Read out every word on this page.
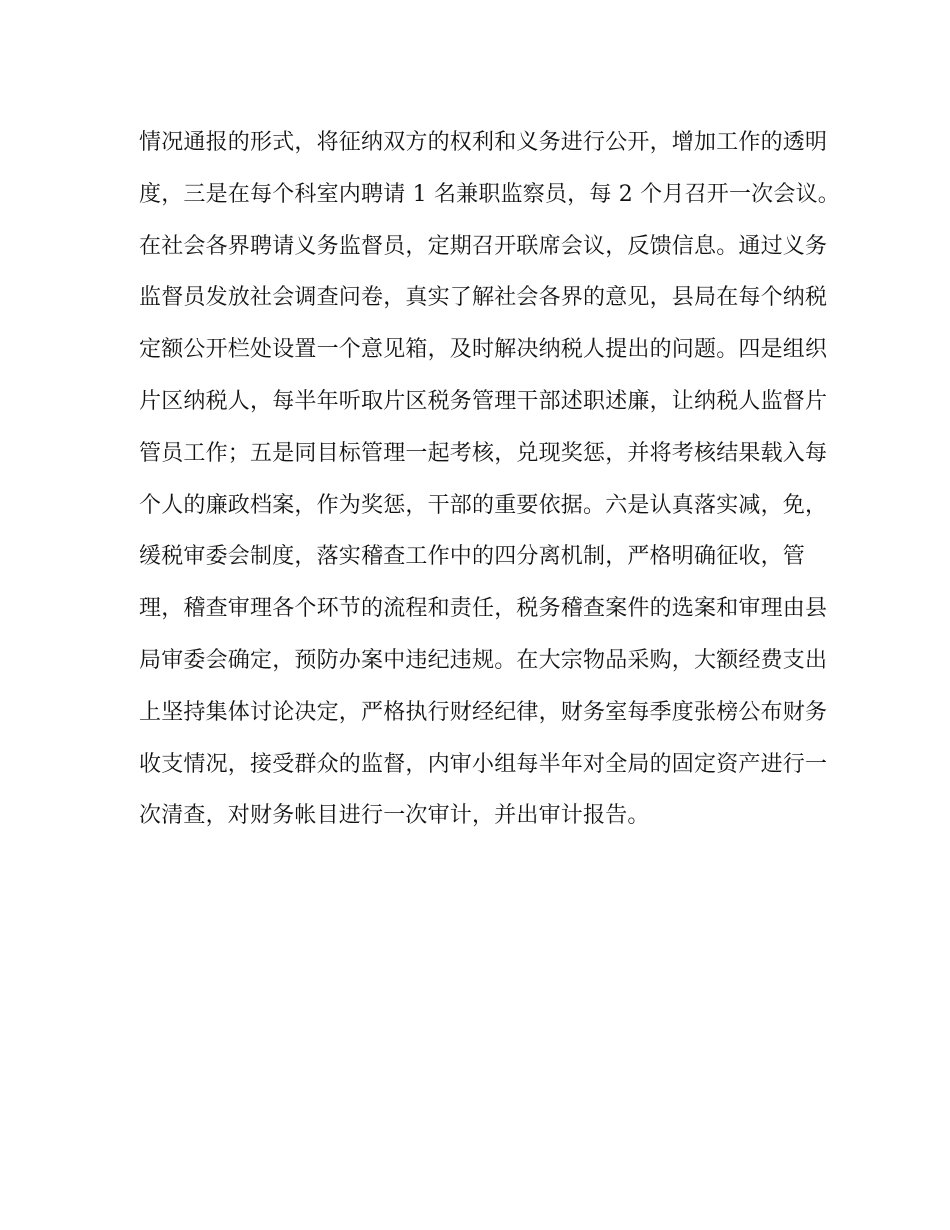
情况通报的形式，将征纳双方的权利和义务进行公开，增加工作的透明
度，三是在每个科室内聘请 1 名兼职监察员，每 2 个月召开一次会议。
在社会各界聘请义务监督员，定期召开联席会议，反馈信息。通过义务
监督员发放社会调查问卷，真实了解社会各界的意见，县局在每个纳税
定额公开栏处设置一个意见箱，及时解决纳税人提出的问题。四是组织
片区纳税人，每半年听取片区税务管理干部述职述廉，让纳税人监督片
管员工作；五是同目标管理一起考核，兑现奖惩，并将考核结果载入每
个人的廉政档案，作为奖惩，干部的重要依据。六是认真落实减，免，
缓税审委会制度，落实稽查工作中的四分离机制，严格明确征收，管
理，稽查审理各个环节的流程和责任，税务稽查案件的选案和审理由县
局审委会确定，预防办案中违纪违规。在大宗物品采购，大额经费支出
上坚持集体讨论决定，严格执行财经纪律，财务室每季度张榜公布财务
收支情况，接受群众的监督，内审小组每半年对全局的固定资产进行一
次清查，对财务帐目进行一次审计，并出审计报告。
